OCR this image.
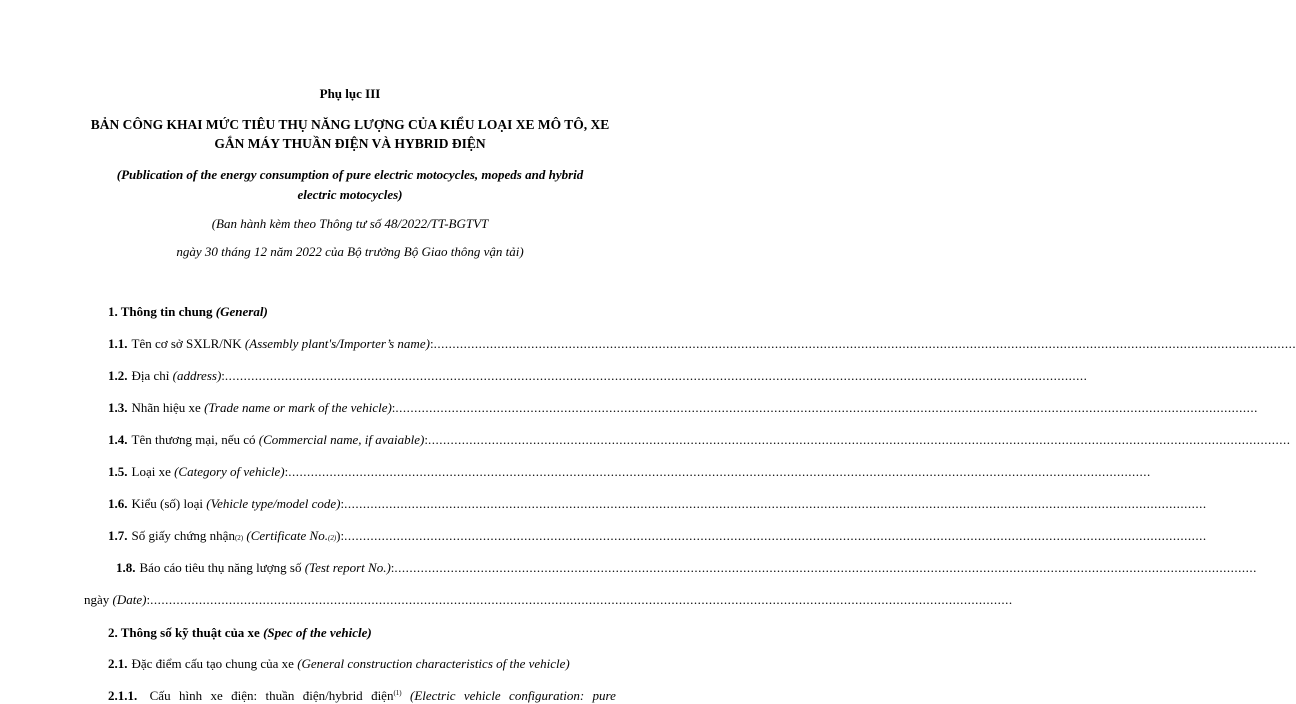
Phụ lục III
BẢN CÔNG KHAI MỨC TIÊU THỤ NĂNG LƯỢNG CỦA KIỂU LOẠI XE MÔ TÔ, XE
GẮN MÁY THUẦN ĐIỆN VÀ HYBRID ĐIỆN
(Publication of the energy consumption of pure electric motocycles, mopeds and hybrid
electric motocycles)
(Ban hành kèm theo Thông tư số 48/2022/TT-BGTVT
ngày 30 tháng 12 năm 2022 của Bộ trưởng Bộ Giao thông vận tải)
1. Thông tin chung (General)
1.1. Tên cơ sở SXLR/NK
(Assembly plant's/Importer’s name) : ......................................................................................................................................................................................................................................
1.2. Địa chỉ
(address) : ......................................................................................................................................................................................................................................
1.3. Nhãn hiệu xe
(Trade name or mark of the vehicle) : ......................................................................................................................................................................................................................................
1.4. Tên thương mại, nếu có
(Commercial name, if avaiable) : ......................................................................................................................................................................................................................................
1.5. Loại xe
(Category of vehicle) : ......................................................................................................................................................................................................................................
1.6. Kiểu (số) loại
(Vehicle type/model code) : ......................................................................................................................................................................................................................................
1.7. Số giấy chứng nhận (2)
(Certificate No. (2) ): ......................................................................................................................................................................................................................................
1.8. Báo cáo tiêu thụ năng lượng số
(Test report No.) : ......................................................................................................................................................................................................................................
ngày
(Date) : ......................................................................................................................................................................................................................................
2. Thông số kỹ thuật của xe (Spec of the vehicle)
2.1. Đặc điểm cấu tạo chung của xe
(General construction characteristics of the vehicle)
2.1.1. Cấu hình xe điện: thuần điện/hybrid điện$^{(1)}$ (Electric vehicle configuration: pure
